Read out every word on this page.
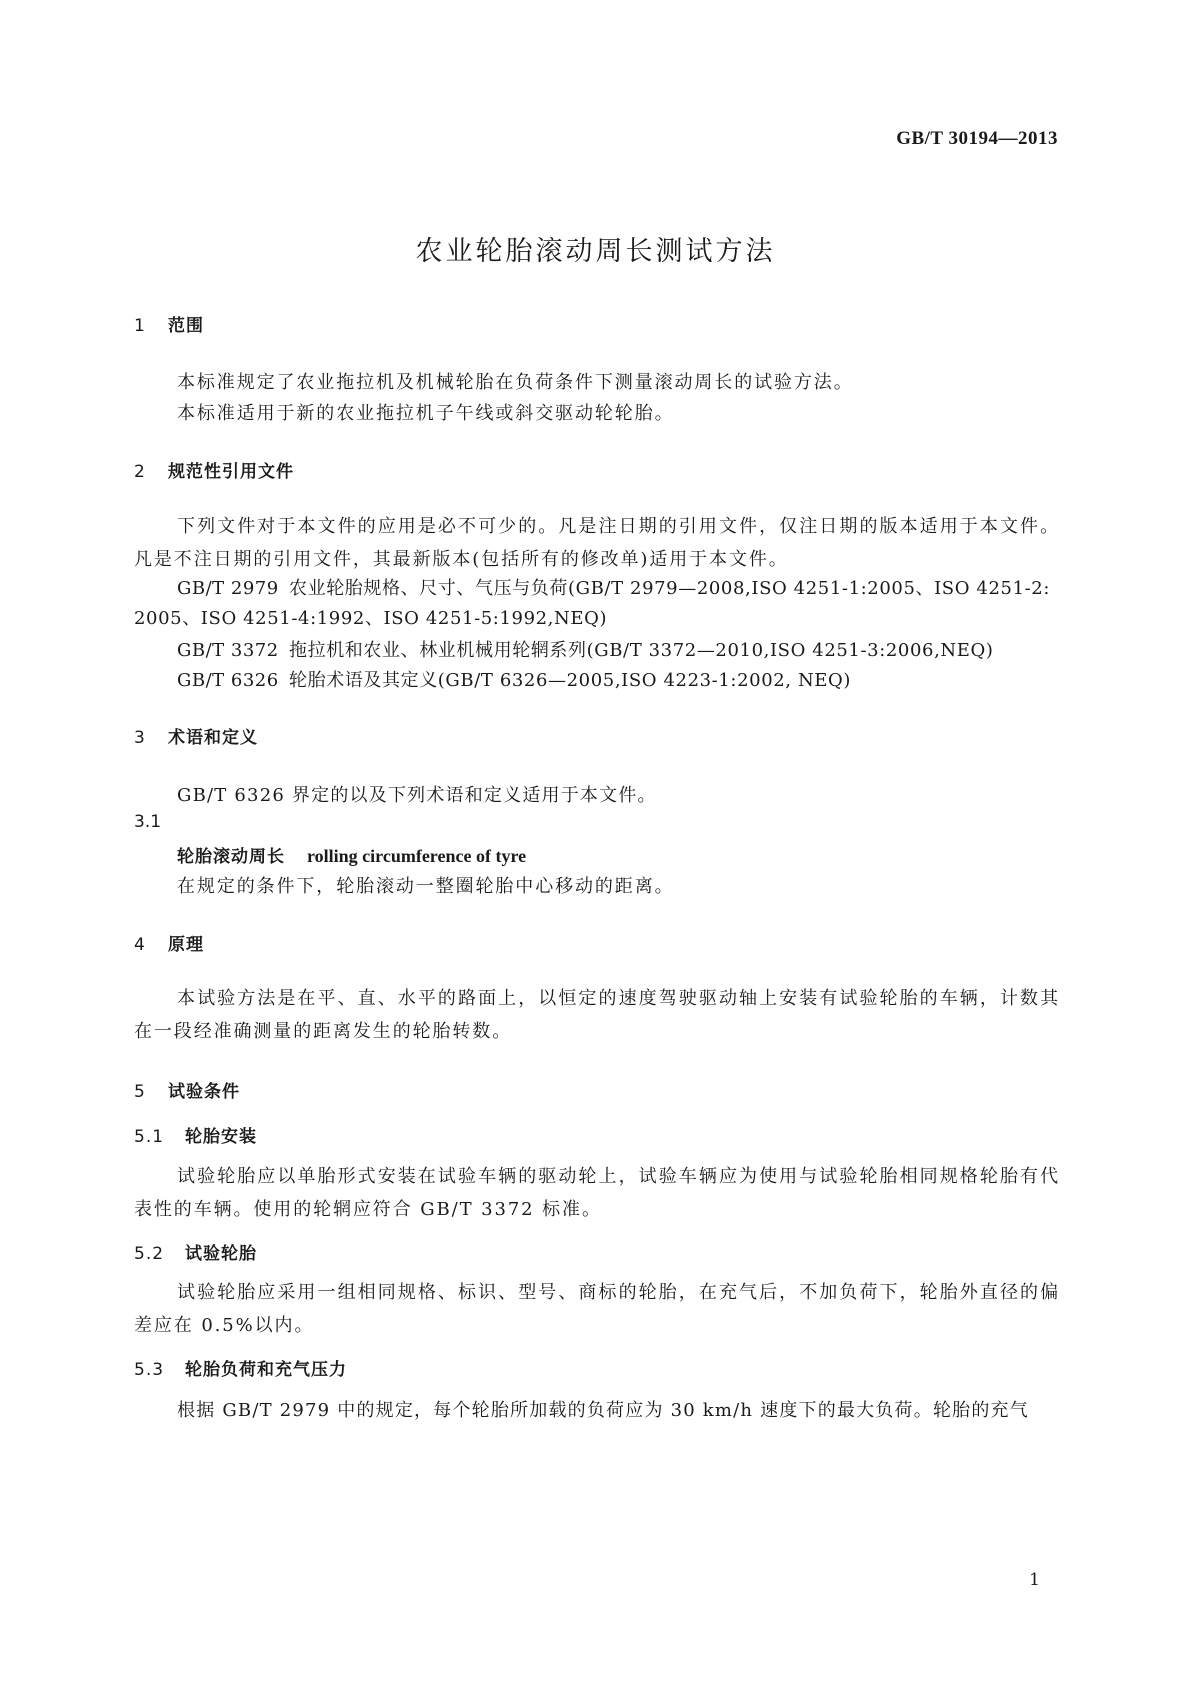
GB/T 30194—2013
农业轮胎滚动周长测试方法
1 范围
本标准规定了农业拖拉机及机械轮胎在负荷条件下测量滚动周长的试验方法。
本标准适用于新的农业拖拉机子午线或斜交驱动轮轮胎。
2 规范性引用文件
下列文件对于本文件的应用是必不可少的。凡是注日期的引用文件，仅注日期的版本适用于本文件。凡是不注日期的引用文件，其最新版本(包括所有的修改单)适用于本文件。
GB/T 2979 农业轮胎规格、尺寸、气压与负荷(GB/T 2979—2008,ISO 4251-1:2005、ISO 4251-2:
2005、ISO 4251-4:1992、ISO 4251-5:1992,NEQ)
GB/T 3372 拖拉机和农业、林业机械用轮辋系列(GB/T 3372—2010,ISO 4251-3:2006,NEQ)
GB/T 6326 轮胎术语及其定义(GB/T 6326—2005,ISO 4223-1:2002, NEQ)
3 术语和定义
GB/T 6326 界定的以及下列术语和定义适用于本文件。
3.1
轮胎滚动周长 rolling circumference of tyre
在规定的条件下，轮胎滚动一整圈轮胎中心移动的距离。
4 原理
本试验方法是在平、直、水平的路面上，以恒定的速度驾驶驱动轴上安装有试验轮胎的车辆，计数其在一段经准确测量的距离发生的轮胎转数。
5 试验条件
5.1 轮胎安装
试验轮胎应以单胎形式安装在试验车辆的驱动轮上，试验车辆应为使用与试验轮胎相同规格轮胎有代表性的车辆。使用的轮辋应符合 GB/T 3372 标准。
5.2 试验轮胎
试验轮胎应采用一组相同规格、标识、型号、商标的轮胎，在充气后，不加负荷下，轮胎外直径的偏差应在 0.5%以内。
5.3 轮胎负荷和充气压力
根据 GB/T 2979 中的规定，每个轮胎所加载的负荷应为 30 km/h 速度下的最大负荷。轮胎的充气
1
